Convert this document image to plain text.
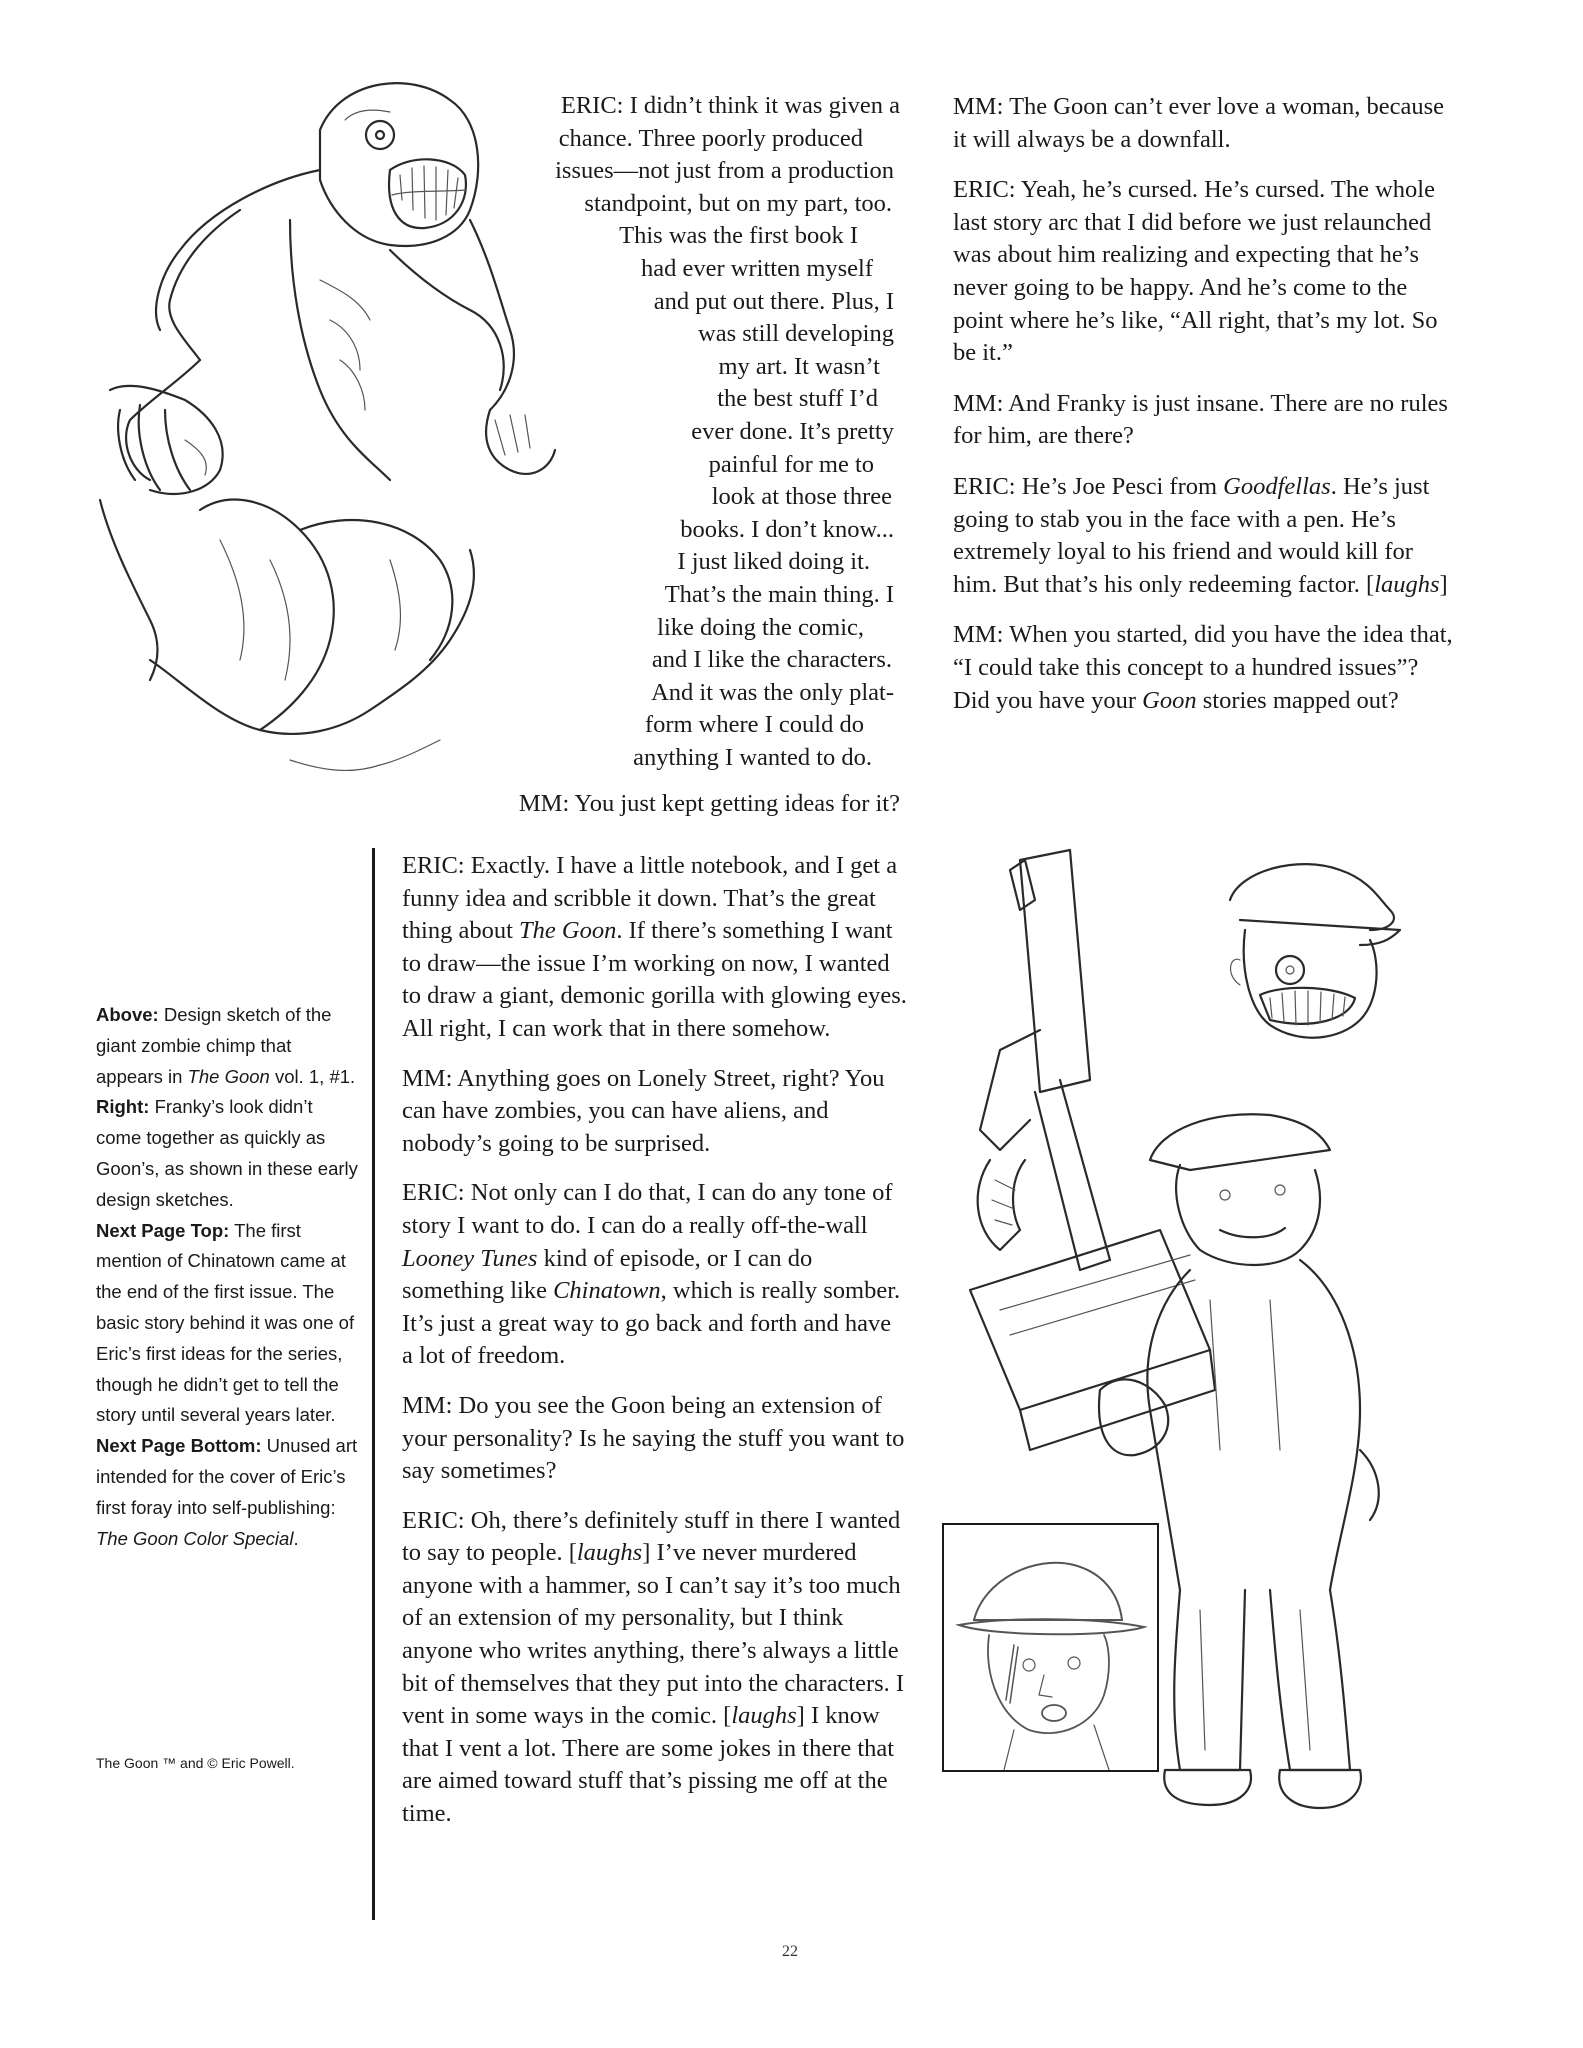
ERIC: I didn’t think it was given a
chance. Three poorly produced
issues—not just from a production
standpoint, but on my part, too.
This was the first book I
had ever written myself
and put out there. Plus, I
was still developing
my art. It wasn’t
the best stuff I’d
ever done. It’s pretty
painful for me to
look at those three
books. I don’t know...
I just liked doing it.
That’s the main thing. I
like doing the comic,
and I like the characters.
And it was the only plat-
form where I could do
anything I wanted to do.
MM: You just kept getting ideas for it?

MM: The Goon can’t ever love a woman, because it will always be a downfall.

ERIC: Yeah, he’s cursed. He’s cursed. The whole last story arc that I did before we just relaunched was about him realizing and expecting that he’s never going to be happy. And he’s come to the point where he’s like, “All right, that’s my lot. So be it.”

MM: And Franky is just insane. There are no rules for him, are there?

ERIC: He’s Joe Pesci from Goodfellas. He’s just going to stab you in the face with a pen. He’s extremely loyal to his friend and would kill for him. But that’s his only redeeming factor. [laughs]

MM: When you started, did you have the idea that, “I could take this concept to a hundred issues”? Did you have your Goon stories mapped out?

ERIC: Exactly. I have a little notebook, and I get a funny idea and scribble it down. That’s the great thing about The Goon. If there’s something I want to draw—the issue I’m working on now, I wanted to draw a giant, demonic gorilla with glowing eyes. All right, I can work that in there somehow.

MM: Anything goes on Lonely Street, right? You can have zombies, you can have aliens, and nobody’s going to be surprised.

ERIC: Not only can I do that, I can do any tone of story I want to do. I can do a really off-the-wall Looney Tunes kind of episode, or I can do something like Chinatown, which is really somber. It’s just a great way to go back and forth and have a lot of freedom.

MM: Do you see the Goon being an extension of your personality? Is he saying the stuff you want to say sometimes?

ERIC: Oh, there’s definitely stuff in there I wanted to say to people. [laughs] I’ve never murdered anyone with a hammer, so I can’t say it’s too much of an extension of my personality, but I think anyone who writes anything, there’s always a little bit of themselves that they put into the characters. I vent in some ways in the comic. [laughs] I know that I vent a lot. There are some jokes in there that are aimed toward stuff that’s pissing me off at the time.

Above: Design sketch of the giant zombie chimp that appears in The Goon vol. 1, #1.
Right: Franky’s look didn’t come together as quickly as Goon’s, as shown in these early design sketches.
Next Page Top: The first mention of Chinatown came at the end of the first issue. The basic story behind it was one of Eric’s first ideas for the series, though he didn’t get to tell the story until several years later.
Next Page Bottom: Unused art intended for the cover of Eric’s first foray into self-publishing: The Goon Color Special.
The Goon ™ and © Eric Powell.
22
